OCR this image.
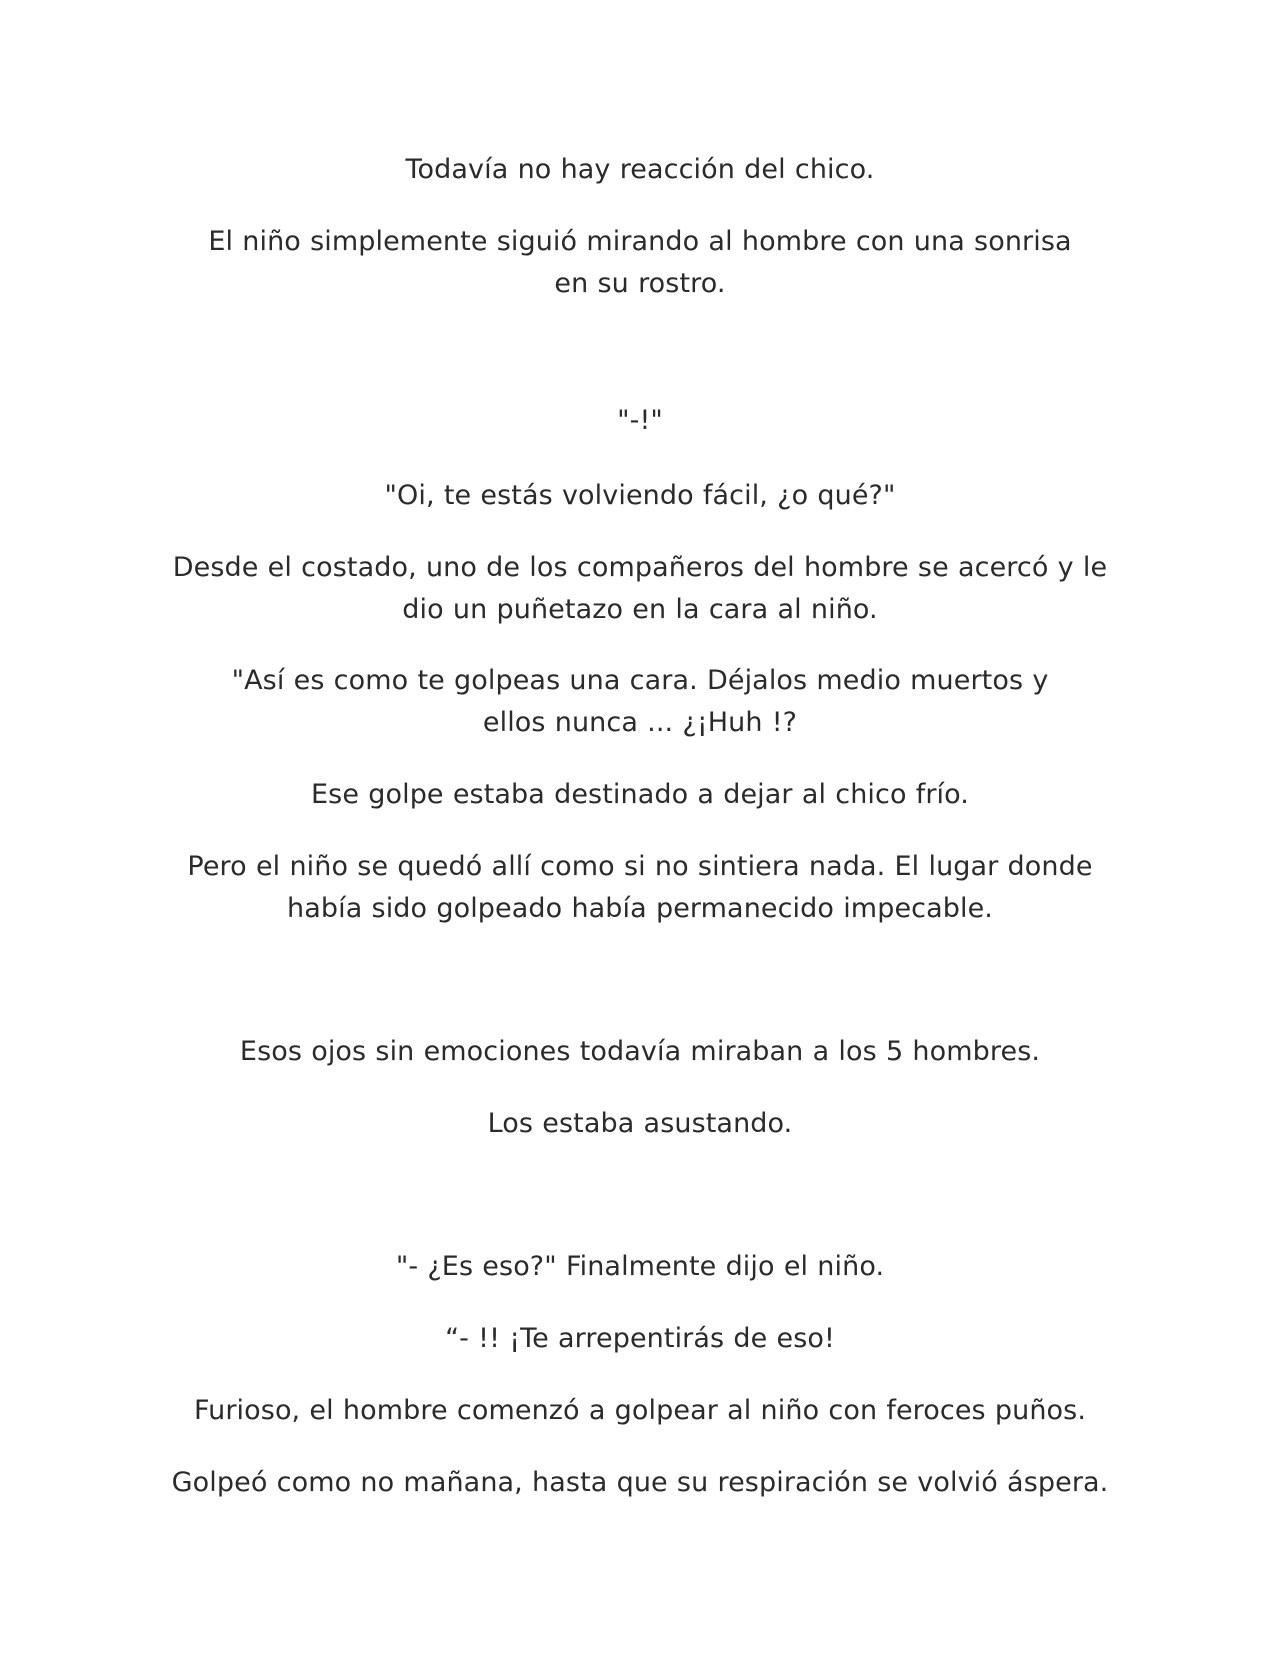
Todavía no hay reacción del chico.

El niño simplemente siguió mirando al hombre con una sonrisa en su rostro.

"-!"

"Oi, te estás volviendo fácil, ¿o qué?"

Desde el costado, uno de los compañeros del hombre se acercó y le dio un puñetazo en la cara al niño.

"Así es como te golpeas una cara. Déjalos medio muertos y ellos nunca ... ¿¡Huh !?

Ese golpe estaba destinado a dejar al chico frío.

Pero el niño se quedó allí como si no sintiera nada. El lugar donde había sido golpeado había permanecido impecable.

Esos ojos sin emociones todavía miraban a los 5 hombres.

Los estaba asustando.

"- ¿Es eso?" Finalmente dijo el niño.

“- !! ¡Te arrepentirás de eso!

Furioso, el hombre comenzó a golpear al niño con feroces puños.

Golpeó como no mañana, hasta que su respiración se volvió áspera.
